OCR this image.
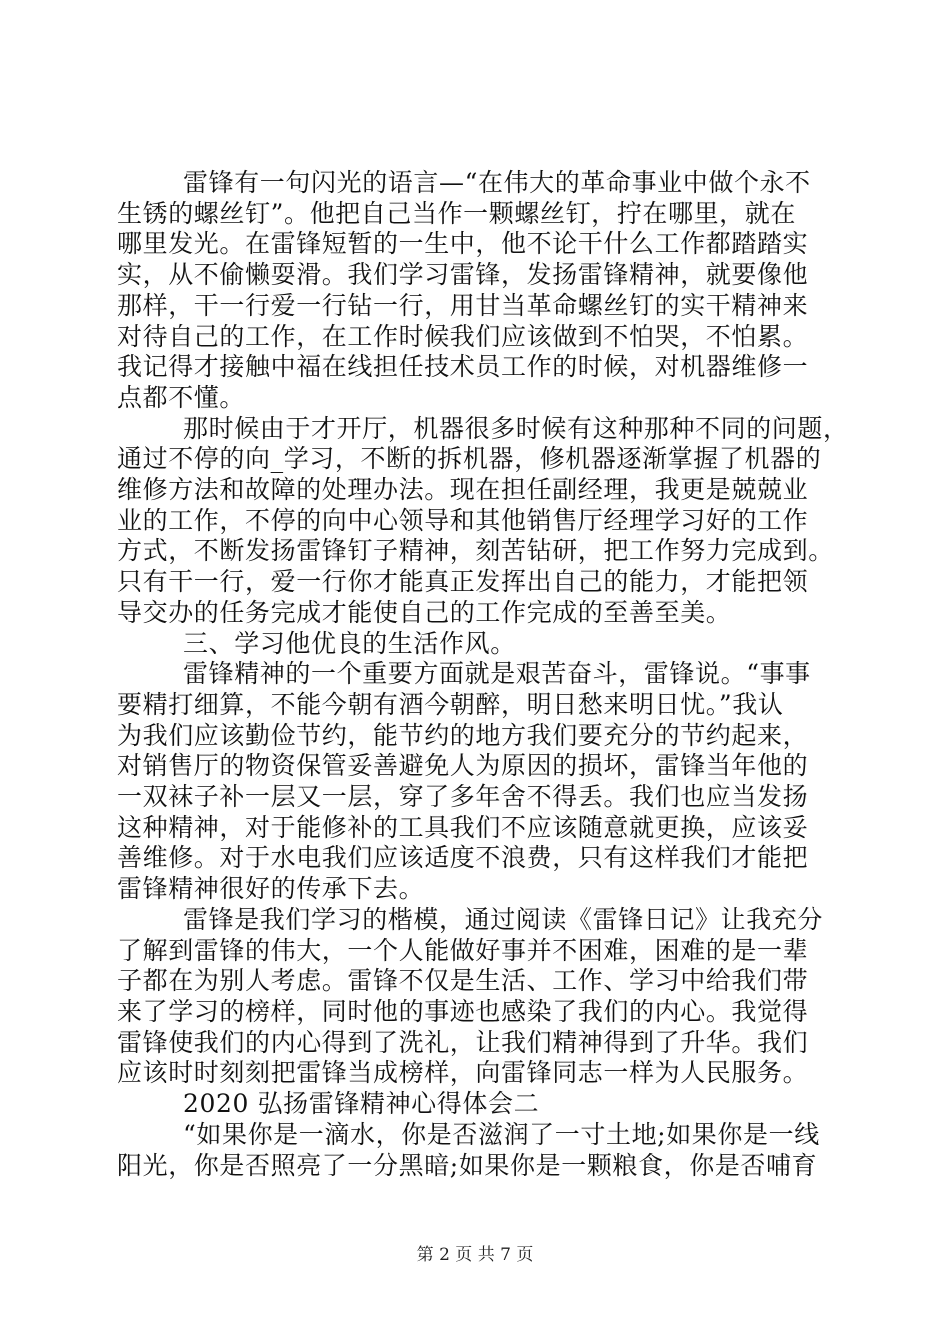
雷锋有一句闪光的语言—“在伟大的革命事业中做个永不
生锈的螺丝钉”。他把自己当作一颗螺丝钉，拧在哪里，就在
哪里发光。在雷锋短暂的一生中，他不论干什么工作都踏踏实
实，从不偷懒耍滑。我们学习雷锋，发扬雷锋精神，就要像他
那样，干一行爱一行钻一行，用甘当革命螺丝钉的实干精神来
对待自己的工作，在工作时候我们应该做到不怕哭，不怕累。
我记得才接触中福在线担任技术员工作的时候，对机器维修一
点都不懂。
那时候由于才开厅，机器很多时候有这种那种不同的问题，
通过不停的向_学习，不断的拆机器，修机器逐渐掌握了机器的
维修方法和故障的处理办法。现在担任副经理，我更是兢兢业
业的工作，不停的向中心领导和其他销售厅经理学习好的工作
方式，不断发扬雷锋钉子精神，刻苦钻研，把工作努力完成到。
只有干一行，爱一行你才能真正发挥出自己的能力，才能把领
导交办的任务完成才能使自己的工作完成的至善至美。
三、学习他优良的生活作风。
雷锋精神的一个重要方面就是艰苦奋斗，雷锋说。“事事
要精打细算，不能今朝有酒今朝醉，明日愁来明日忧。”我认
为我们应该勤俭节约，能节约的地方我们要充分的节约起来，
对销售厅的物资保管妥善避免人为原因的损坏，雷锋当年他的
一双袜子补一层又一层，穿了多年舍不得丢。我们也应当发扬
这种精神，对于能修补的工具我们不应该随意就更换，应该妥
善维修。对于水电我们应该适度不浪费，只有这样我们才能把
雷锋精神很好的传承下去。
雷锋是我们学习的楷模，通过阅读《雷锋日记》让我充分
了解到雷锋的伟大，一个人能做好事并不困难，困难的是一辈
子都在为别人考虑。雷锋不仅是生活、工作、学习中给我们带
来了学习的榜样，同时他的事迹也感染了我们的内心。我觉得
雷锋使我们的内心得到了洗礼，让我们精神得到了升华。我们
应该时时刻刻把雷锋当成榜样，向雷锋同志一样为人民服务。
2020 弘扬雷锋精神心得体会二
“如果你是一滴水，你是否滋润了一寸土地;如果你是一线
阳光，你是否照亮了一分黑暗;如果你是一颗粮食，你是否哺育
第 2 页 共 7 页
